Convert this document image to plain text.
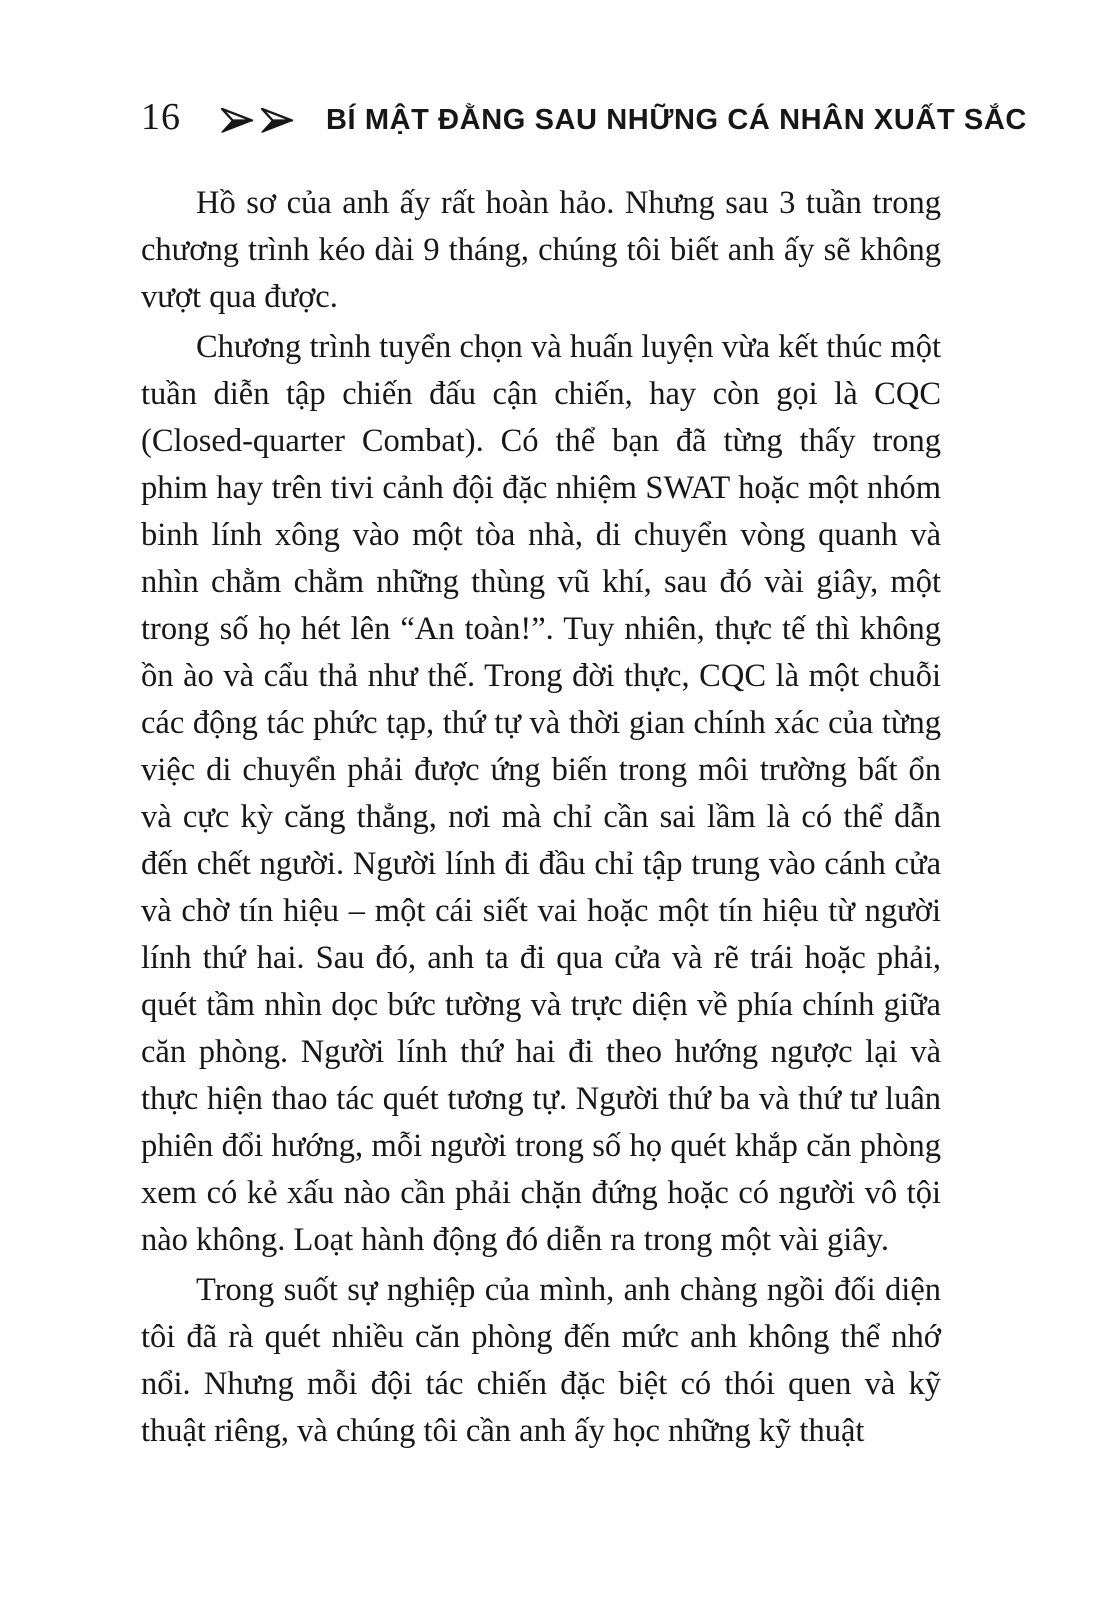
16	BÍ MẬT ĐẰNG SAU NHỮNG CÁ NHÂN XUẤT SẮC

Hồ sơ của anh ấy rất hoàn hảo. Nhưng sau 3 tuần trong chương trình kéo dài 9 tháng, chúng tôi biết anh ấy sẽ không vượt qua được.

Chương trình tuyển chọn và huấn luyện vừa kết thúc một tuần diễn tập chiến đấu cận chiến, hay còn gọi là CQC (Closed-quarter Combat). Có thể bạn đã từng thấy trong phim hay trên tivi cảnh đội đặc nhiệm SWAT hoặc một nhóm binh lính xông vào một tòa nhà, di chuyển vòng quanh và nhìn chằm chằm những thùng vũ khí, sau đó vài giây, một trong số họ hét lên “An toàn!”. Tuy nhiên, thực tế thì không ồn ào và cẩu thả như thế. Trong đời thực, CQC là một chuỗi các động tác phức tạp, thứ tự và thời gian chính xác của từng việc di chuyển phải được ứng biến trong môi trường bất ổn và cực kỳ căng thẳng, nơi mà chỉ cần sai lầm là có thể dẫn đến chết người. Người lính đi đầu chỉ tập trung vào cánh cửa và chờ tín hiệu – một cái siết vai hoặc một tín hiệu từ người lính thứ hai. Sau đó, anh ta đi qua cửa và rẽ trái hoặc phải, quét tầm nhìn dọc bức tường và trực diện về phía chính giữa căn phòng. Người lính thứ hai đi theo hướng ngược lại và thực hiện thao tác quét tương tự. Người thứ ba và thứ tư luân phiên đổi hướng, mỗi người trong số họ quét khắp căn phòng xem có kẻ xấu nào cần phải chặn đứng hoặc có người vô tội nào không. Loạt hành động đó diễn ra trong một vài giây.

Trong suốt sự nghiệp của mình, anh chàng ngồi đối diện tôi đã rà quét nhiều căn phòng đến mức anh không thể nhớ nổi. Nhưng mỗi đội tác chiến đặc biệt có thói quen và kỹ thuật riêng, và chúng tôi cần anh ấy học những kỹ thuật
